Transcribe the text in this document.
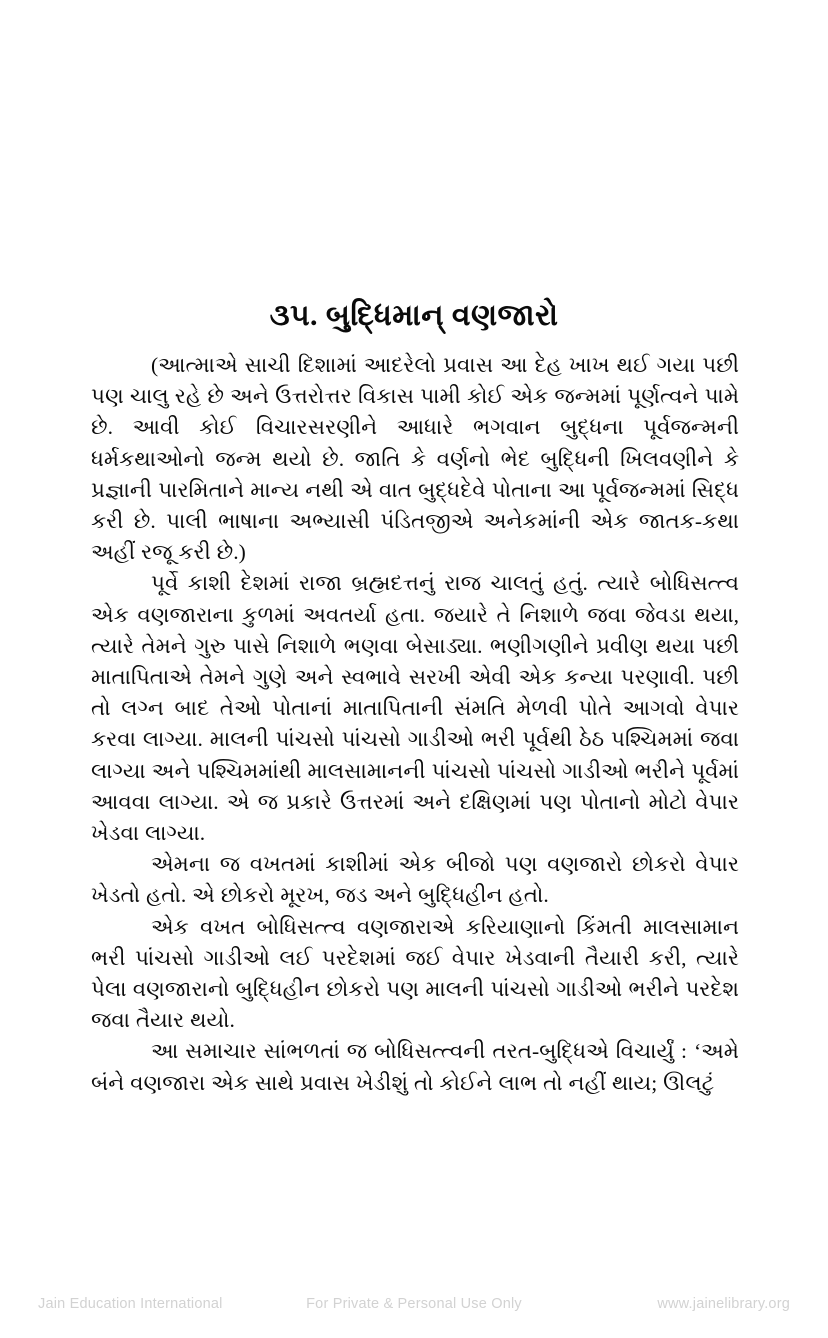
૩૫. બુદ્ધિમાન્ વણજારો

(આત્માએ સાચી દિશામાં આદરેલો પ્રવાસ આ દેહ ખાખ થઈ ગયા પછી પણ ચાલુ રહે છે અને ઉત્તરોત્તર વિકાસ પામી કોઈ એક જન્મમાં પૂર્ણત્વને પામે છે. આવી કોઈ વિચારસરણીને આધારે ભગવાન બુદ્ધના પૂર્વજન્મની ધર્મકથાઓનો જન્મ થયો છે. જાતિ કે વર્ણનો ભેદ બુદ્ધિની ખિલવણીને કે પ્રજ્ઞાની પારમિતાને માન્ય નથી એ વાત બુદ્ધદેવે પોતાના આ પૂર્વજન્મમાં સિદ્ધ કરી છે. પાલી ભાષાના અભ્યાસી પંડિતજીએ અનેકમાંની એક જાતક-કથા અહીં રજૂ કરી છે.)

પૂર્વે કાશી દેશમાં રાજા બ્રહ્મદત્તનું રાજ ચાલતું હતું. ત્યારે બોધિસત્ત્વ એક વણજારાના કુળમાં અવતર્યા હતા. જયારે તે નિશાળે જવા જેવડા થયા, ત્યારે તેમને ગુરુ પાસે નિશાળે ભણવા બેસાડ્યા. ભણીગણીને પ્રવીણ થયા પછી માતાપિતાએ તેમને ગુણે અને સ્વભાવે સરખી એવી એક કન્યા પરણાવી. પછી તો લગ્ન બાદ તેઓ પોતાનાં માતાપિતાની સંમતિ મેળવી પોતે આગવો વેપાર કરવા લાગ્યા. માલની પાંચસો પાંચસો ગાડીઓ ભરી પૂર્વથી ઠેઠ પશ્ચિમમાં જવા લાગ્યા અને પશ્ચિમમાંથી માલસામાનની પાંચસો પાંચસો ગાડીઓ ભરીને પૂર્વમાં આવવા લાગ્યા. એ જ પ્રકારે ઉત્તરમાં અને દક્ષિણમાં પણ પોતાનો મોટો વેપાર ખેડવા લાગ્યા.

એમના જ વખતમાં કાશીમાં એક બીજો પણ વણજારો છોકરો વેપાર ખેડતો હતો. એ છોકરો મૂરખ, જડ અને બુદ્ધિહીન હતો.

એક વખત બોધિસત્ત્વ વણજારાએ કરિયાણાનો કિંમતી માલસામાન ભરી પાંચસો ગાડીઓ લઈ પરદેશમાં જઈ વેપાર ખેડવાની તૈયારી કરી, ત્યારે પેલા વણજારાનો બુદ્ધિહીન છોકરો પણ માલની પાંચસો ગાડીઓ ભરીને પરદેશ જવા તૈયાર થયો.

આ સમાચાર સાંભળતાં જ બોધિસત્ત્વની તરત-બુદ્ધિએ વિચાર્યું : ‘અમે બંને વણજારા એક સાથે પ્રવાસ ખેડીશું તો કોઈને લાભ તો નહીં થાય; ઊલટું

Jain Education International	For Private & Personal Use Only	www.jainelibrary.org
